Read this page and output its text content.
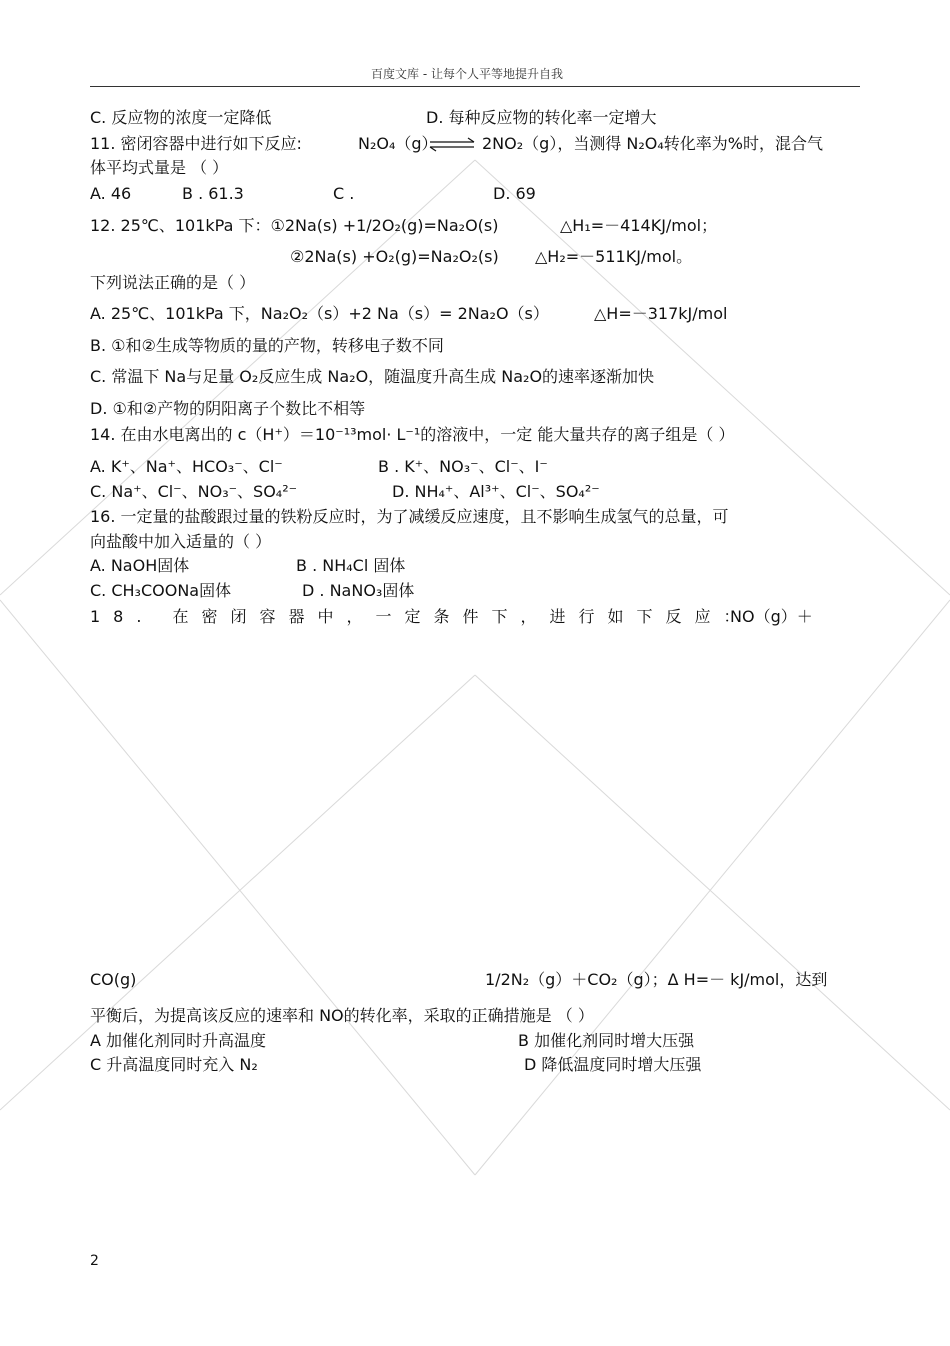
百度文库 - 让每个人平等地提升自我
C. 反应物的浓度一定降低	D. 每种反应物的转化率一定增大
11. 密闭容器中进行如下反应:	N₂O₄（g） ⇌ 2NO₂（g），当测得 N₂O₄转化率为%时，混合气
体平均式量是 （ ）
A. 46	B . 61.3	C .	D. 69
12. 25℃、101kPa 下：①2Na(s) +1/2O₂(g)=Na₂O(s)	△H₁=－414KJ/mol；
②2Na(s) +O₂(g)=Na₂O₂(s) △H₂=－511KJ/mol。
下列说法正确的是（ ）
A. 25℃、101kPa 下，Na₂O₂（s）+2 Na（s）= 2Na₂O（s）	△H=－317kJ/mol
B. ①和②生成等物质的量的产物，转移电子数不同
C. 常温下 Na与足量 O₂反应生成 Na₂O，随温度升高生成 Na₂O的速率逐渐加快
D. ①和②产物的阴阳离子个数比不相等
14. 在由水电离出的 c（H⁺）＝10⁻¹³mol· L⁻¹的溶液中，一定 能大量共存的离子组是（ ）
A. K⁺、Na⁺、HCO₃⁻、Cl⁻	B . K⁺、NO₃⁻、Cl⁻、I⁻
C. Na⁺、Cl⁻、NO₃⁻、SO₄²⁻	D. NH₄⁺、Al³⁺、Cl⁻、SO₄²⁻
16. 一定量的盐酸跟过量的铁粉反应时，为了减缓反应速度，且不影响生成氢气的总量，可
向盐酸中加入适量的（ ）
A. NaOH固体	B . NH₄Cl 固体
C. CH₃COONa固体	D . NaNO₃固体
18. 在密闭容器中，一定条件下，进行如下反应：
NO（g）＋
CO(g)	1/2N₂（g）＋CO₂（g）；Δ H=－ kJ/mol，达到
平衡后，为提高该反应的速率和 NO的转化率，采取的正确措施是 （ ）
A 加催化剂同时升高温度	B 加催化剂同时增大压强
C 升高温度同时充入 N₂	D 降低温度同时增大压强
2
